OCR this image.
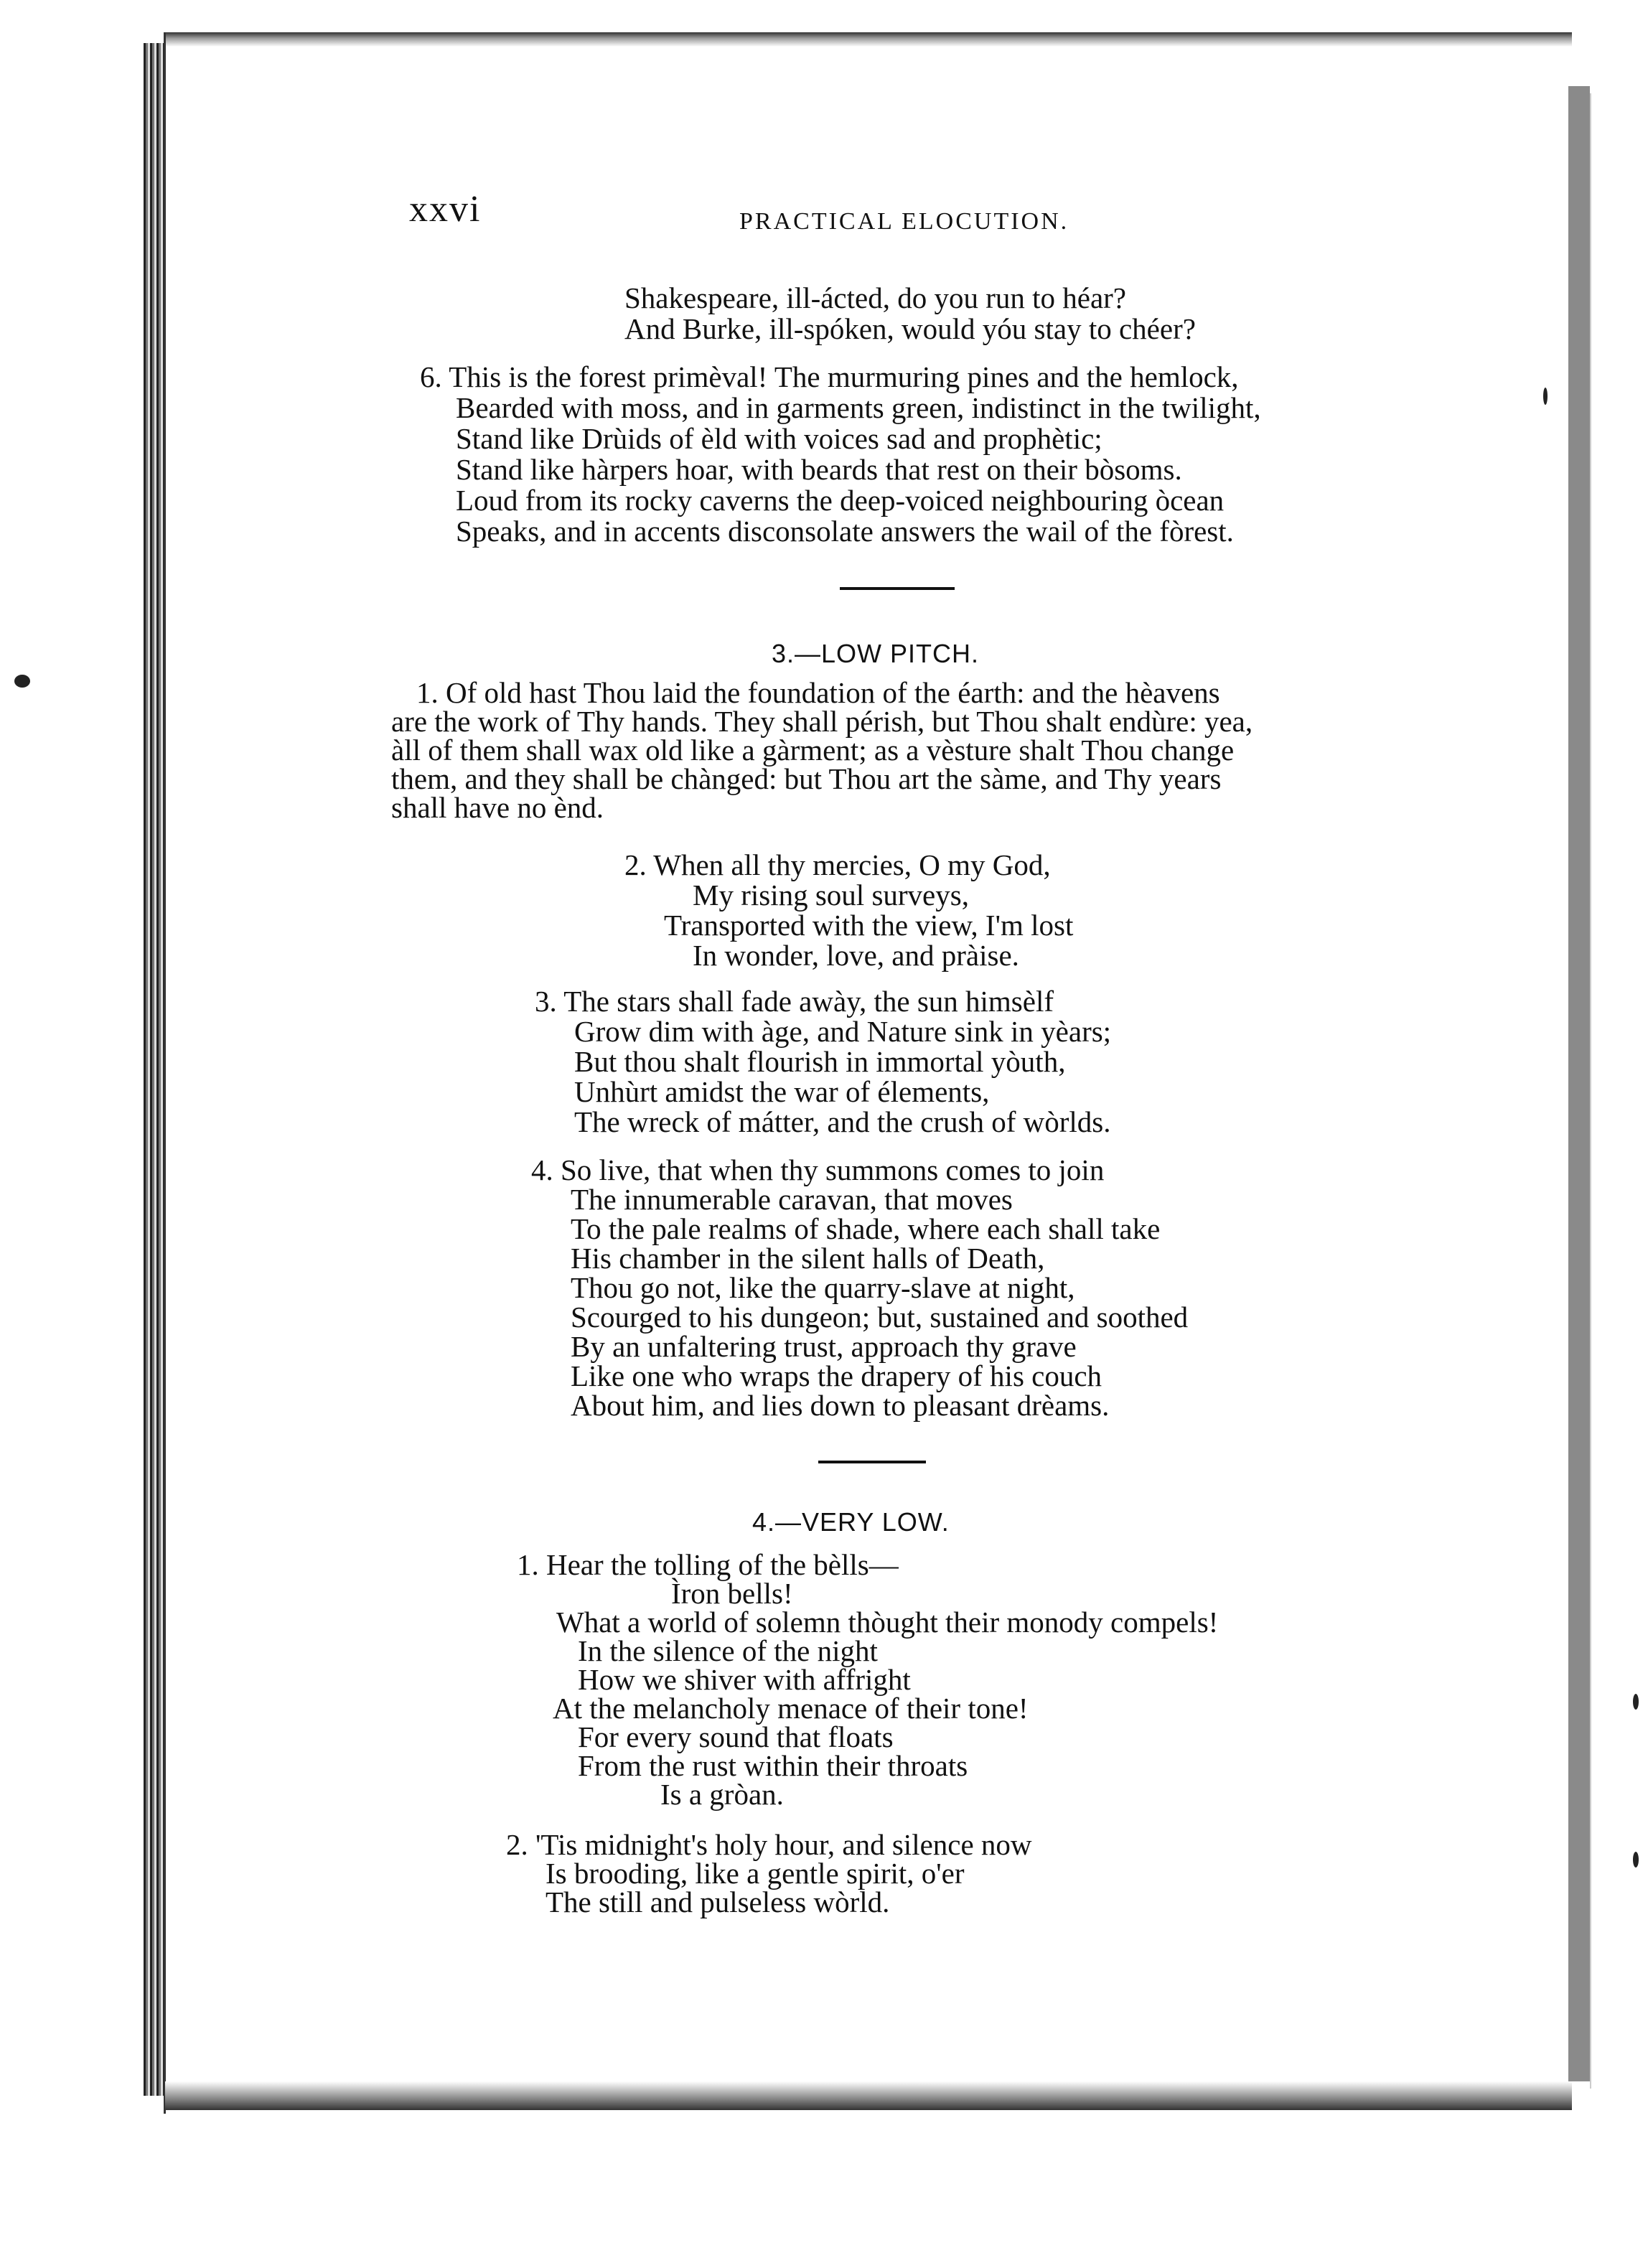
xxvi	PRACTICAL ELOCUTION.
Shakespeare, ill-ácted, do you run to héar?
And Burke, ill-spóken, would yóu stay to chéer?
6. This is the forest primèval! The murmuring pines and the hemlock,
Bearded with moss, and in garments green, indistinct in the twilight,
Stand like Drùids of èld with voices sad and prophètic;
Stand like hàrpers hoar, with beards that rest on their bòsoms.
Loud from its rocky caverns the deep-voiced neighbouring òcean
Speaks, and in accents disconsolate answers the wail of the fòrest.
3.—LOW PITCH.
1. Of old hast Thou laid the foundation of the éarth: and the hèavens
are the work of Thy hands. They shall pérish, but Thou shalt endùre: yea,
àll of them shall wax old like a gàrment; as a vèsture shalt Thou change
them, and they shall be chànged: but Thou art the sàme, and Thy years
shall have no ènd.
2. When all thy mercies, O my God,
My rising soul surveys,
Transported with the view, I'm lost
In wonder, love, and pràise.
3. The stars shall fade awày, the sun himsèlf
Grow dim with àge, and Nature sink in yèars;
But thou shalt flourish in immortal yòuth,
Unhùrt amidst the war of élements,
The wreck of mátter, and the crush of wòrlds.
4. So live, that when thy summons comes to join
The innumerable caravan, that moves
To the pale realms of shade, where each shall take
His chamber in the silent halls of Death,
Thou go not, like the quarry-slave at night,
Scourged to his dungeon; but, sustained and soothed
By an unfaltering trust, approach thy grave
Like one who wraps the drapery of his couch
About him, and lies down to pleasant drèams.
4.—VERY LOW.
1. Hear the tolling of the bèlls—
Ìron bells!
What a world of solemn thòught their monody compels!
In the silence of the night
How we shiver with affright
At the melancholy menace of their tone!
For every sound that floats
From the rust within their throats
Is a gròan.
2. 'Tis midnight's holy hour, and silence now
Is brooding, like a gentle spirit, o'er
The still and pulseless wòrld.
